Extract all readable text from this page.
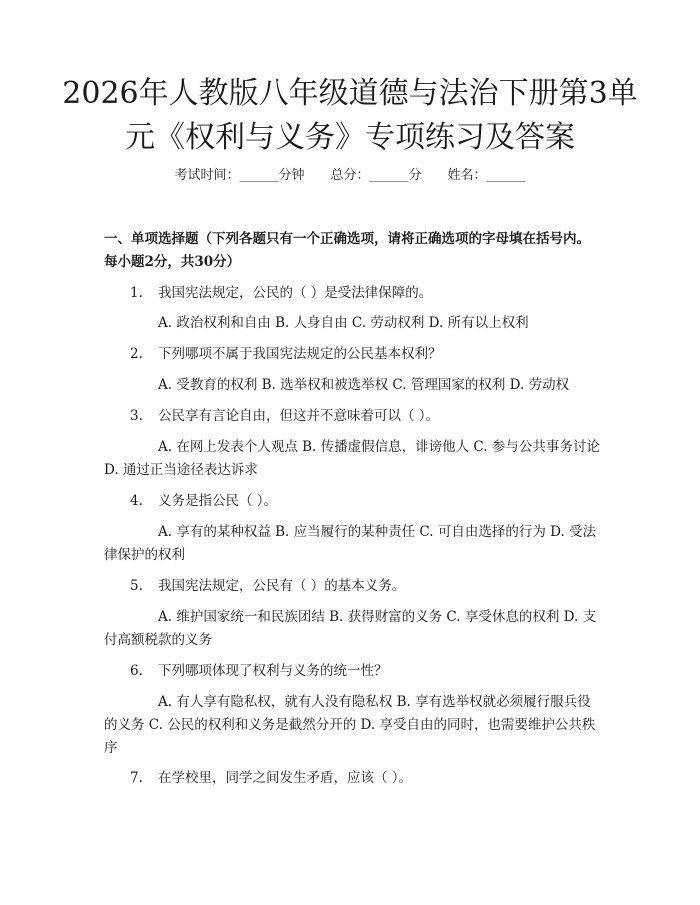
2026年人教版八年级道德与法治下册第3单元《权利与义务》专项练习及答案
考试时间：______分钟 总分：______分 姓名：______

一、单项选择题（下列各题只有一个正确选项，请将正确选项的字母填在括号内。每小题2分，共30分）

1. 我国宪法规定，公民的（ ）是受法律保障的。

A. 政治权利和自由 B. 人身自由 C. 劳动权利 D. 所有以上权利

2. 下列哪项不属于我国宪法规定的公民基本权利？

A. 受教育的权利 B. 选举权和被选举权 C. 管理国家的权利 D. 劳动权

3. 公民享有言论自由，但这并不意味着可以（ ）。

A. 在网上发表个人观点 B. 传播虚假信息，诽谤他人 C. 参与公共事务讨论 D. 通过正当途径表达诉求

4. 义务是指公民（ ）。

A. 享有的某种权益 B. 应当履行的某种责任 C. 可自由选择的行为 D. 受法律保护的权利

5. 我国宪法规定，公民有（ ）的基本义务。

A. 维护国家统一和民族团结 B. 获得财富的义务 C. 享受休息的权利 D. 支付高额税款的义务

6. 下列哪项体现了权利与义务的统一性？

A. 有人享有隐私权，就有人没有隐私权 B. 享有选举权就必须履行服兵役的义务 C. 公民的权利和义务是截然分开的 D. 享受自由的同时，也需要维护公共秩序

7. 在学校里，同学之间发生矛盾，应该（ ）。
